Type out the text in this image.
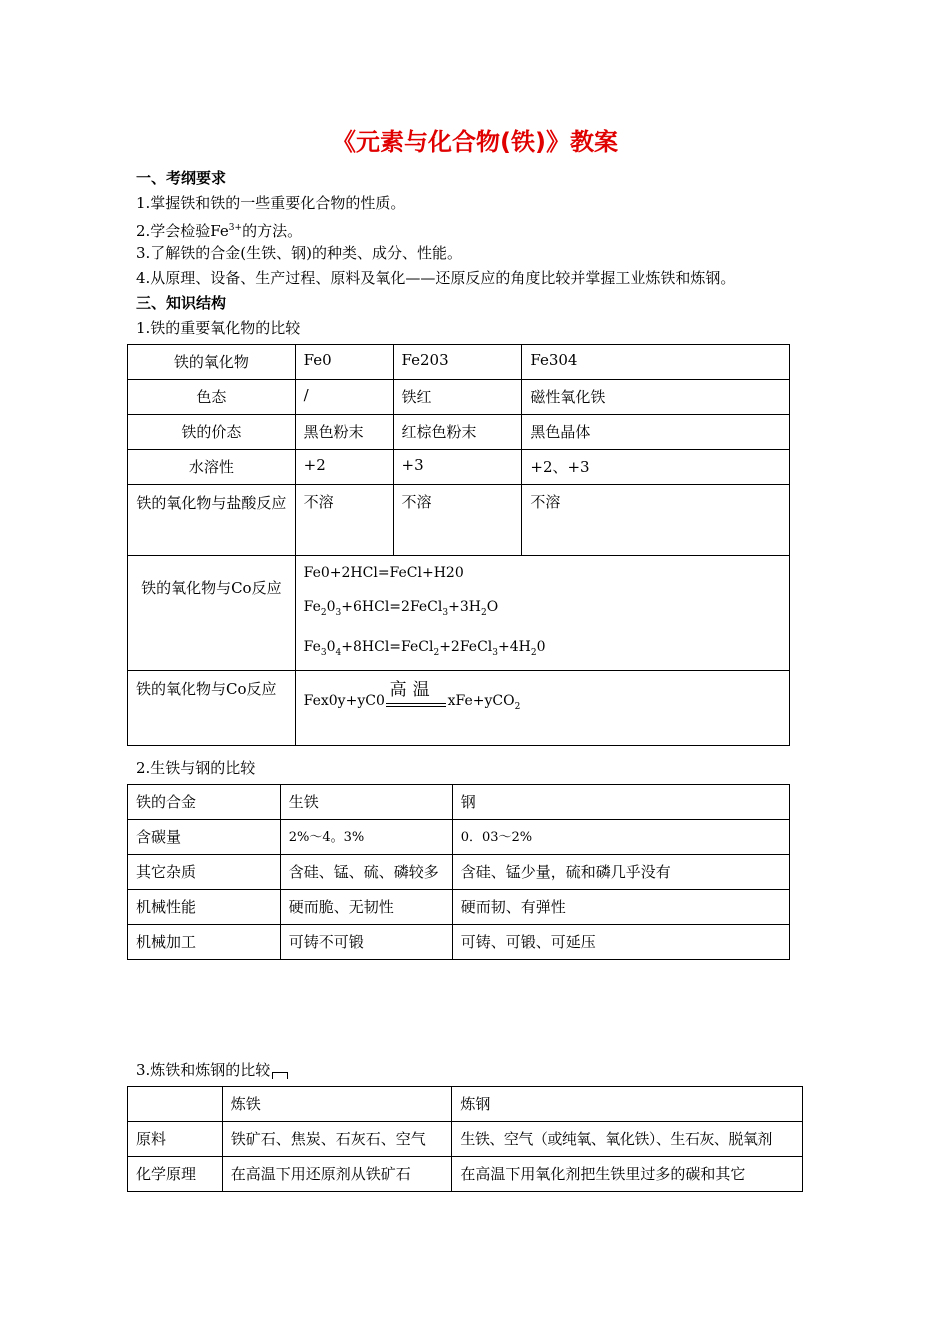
《元素与化合物(铁)》教案
一、考纲要求
1.掌握铁和铁的一些重要化合物的性质。
2.学会检验$Fe^{3+}$的方法。
3.了解铁的合金(生铁、钢)的种类、成分、性能。
4.从原理、设备、生产过程、原料及氧化——还原反应的角度比较并掌握工业炼铁和炼钢。
三、知识结构
1.铁的重要氧化物的比较
铁的氧化物	Fe0	Fe203	Fe304
色态	/	铁红	磁性氧化铁
铁的价态	黑色粉末	红棕色粉末	黑色晶体
水溶性	+2	+3	+2、+3
铁的氧化物与盐酸反应	不溶	不溶	不溶
铁的氧化物与Co反应	Fe0+2HCl=FeCl+H20
$Fe_20_3+6HCl=2FeCl_3+3H_2O$
$Fe_30_4+8HCl=FeCl_2+2FeCl_3+4H_20$		

铁的氧化物与Co反应	Fex0y+yC0
高温
xFe+yCO$_2$
2.生铁与钢的比较
铁的合金	生铁	钢
含碳量	2%～4。3%	0．03～2%
其它杂质	含硅、锰、硫、磷较多	含硅、锰少量，硫和磷几乎没有
机械性能	硬而脆、无韧性	硬而韧、有弹性
机械加工	可铸不可锻	可铸、可锻、可延压
3.炼铁和炼钢的比较
	炼铁	炼钢
原料	铁矿石、焦炭、石灰石、空气	生铁、空气（或纯氧、氧化铁）、生石灰、脱氧剂
化学原理	在高温下用还原剂从铁矿石	在高温下用氧化剂把生铁里过多的碳和其它
